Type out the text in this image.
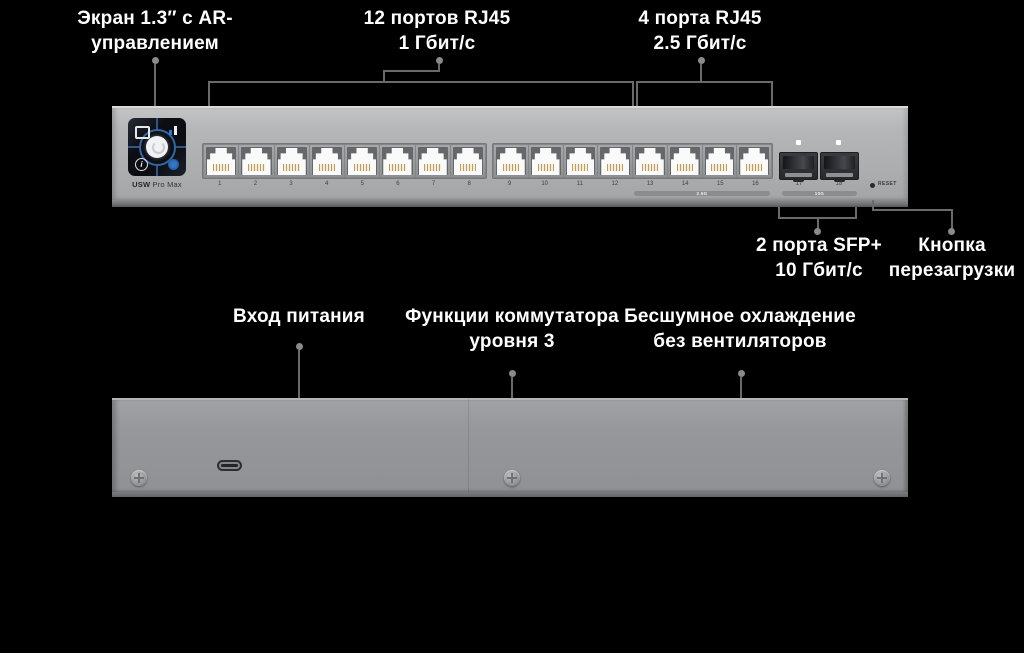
Экран 1.3″ с AR-
управлением
12 портов RJ45
1 Гбит/с
4 порта RJ45
2.5 Гбит/с
i
USW Pro Max	1	2	3	4	5	6	7	8	9	10	11	12	13	14	15	16	17	18
2.5G	10G
RESET
2 порта SFP+
10 Гбит/с
Кнопка
перезагрузки
Вход питания	Функции коммутатора
уровня 3
Бесшумное охлаждение
без вентиляторов
